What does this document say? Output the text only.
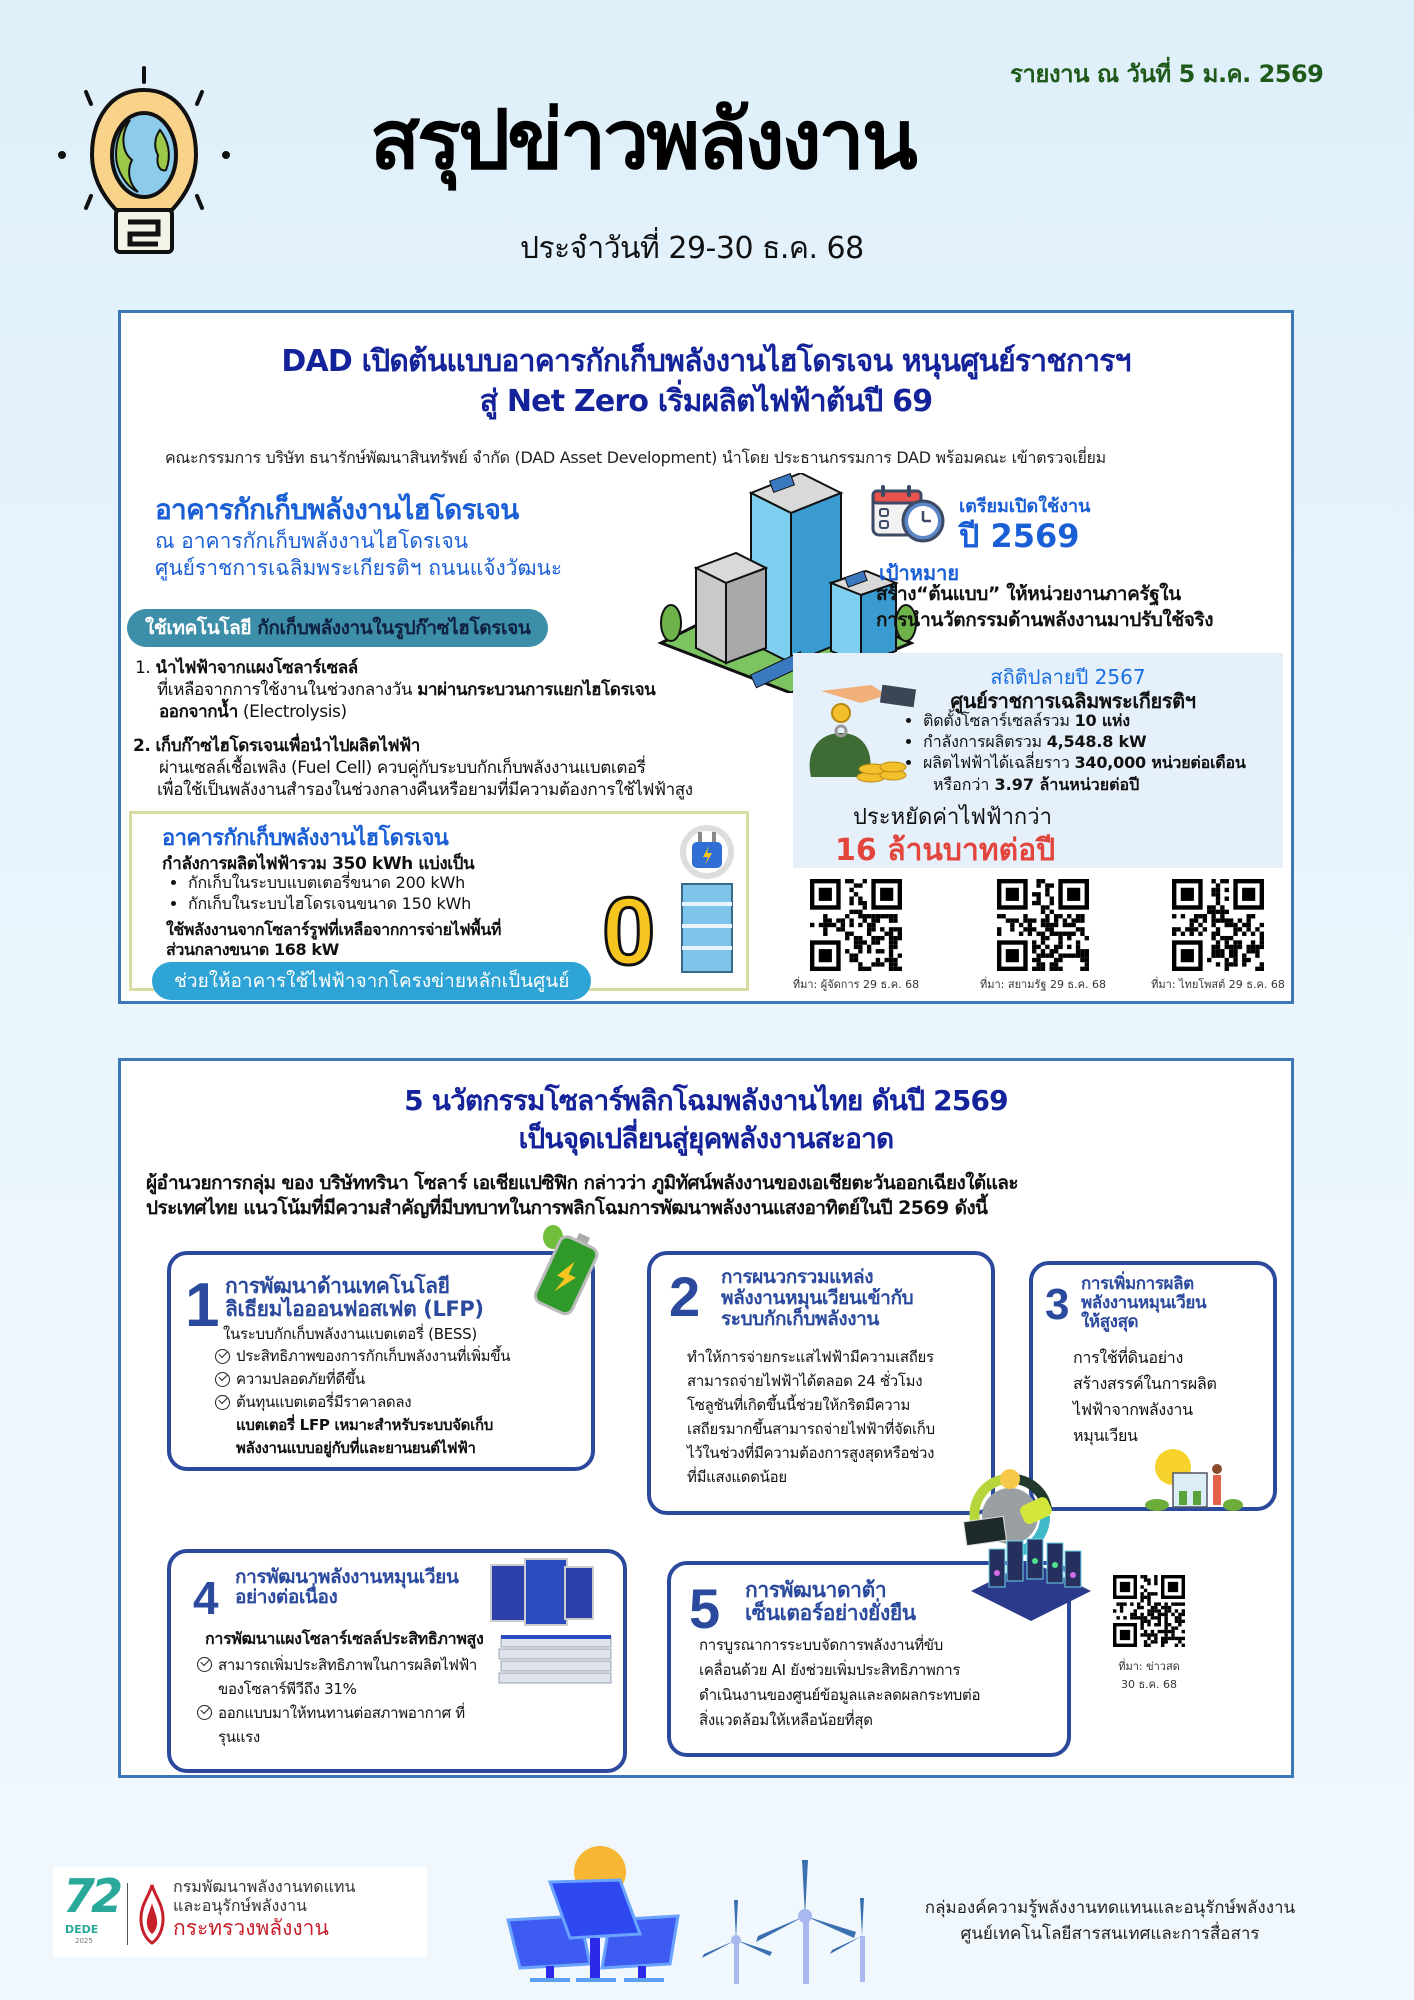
รายงาน ณ วันที่ 5 ม.ค. 2569
สรุปข่าวพลังงาน
ประจำวันที่ 29-30 ธ.ค. 68
DAD เปิดต้นแบบอาคารกักเก็บพลังงานไฮโดรเจน หนุนศูนย์ราชการฯ
สู่ Net Zero เริ่มผลิตไฟฟ้าต้นปี 69
คณะกรรมการ บริษัท ธนารักษ์พัฒนาสินทรัพย์ จำกัด (DAD Asset Development) นำโดย ประธานกรรมการ DAD พร้อมคณะ เข้าตรวจเยี่ยม
อาคารกักเก็บพลังงานไฮโดรเจน
ณ อาคารกักเก็บพลังงานไฮโดรเจน
ศูนย์ราชการเฉลิมพระเกียรติฯ ถนนแจ้งวัฒนะ
ใช้เทคโนโลยี กักเก็บพลังงานในรูปก๊าซไฮโดรเจน
1. นำไฟฟ้าจากแผงโซลาร์เซลล์
ที่เหลือจากการใช้งานในช่วงกลางวัน มาผ่านกระบวนการแยกไฮโดรเจน
ออกจากน้ำ (Electrolysis)
2. เก็บก๊าซไฮโดรเจนเพื่อนำไปผลิตไฟฟ้า
ผ่านเซลล์เชื้อเพลิง (Fuel Cell) ควบคู่กับระบบกักเก็บพลังงานแบตเตอรี่
เพื่อใช้เป็นพลังงานสำรองในช่วงกลางคืนหรือยามที่มีความต้องการใช้ไฟฟ้าสูง
อาคารกักเก็บพลังงานไฮโดรเจน
กำลังการผลิตไฟฟ้ารวม 350 kWh แบ่งเป็น
• กักเก็บในระบบแบตเตอรี่ขนาด 200 kWh
• กักเก็บในระบบไฮโดรเจนขนาด 150 kWh
ใช้พลังงานจากโซลาร์รูฟที่เหลือจากการจ่ายไฟพื้นที่
ส่วนกลางขนาด 168 kW
ช่วยให้อาคารใช้ไฟฟ้าจากโครงข่ายหลักเป็นศูนย์ 0
เตรียมเปิดใช้งาน
ปี 2569
เป้าหมาย
สร้าง“ต้นแบบ” ให้หน่วยงานภาครัฐใน
การนำนวัตกรรมด้านพลังงานมาปรับใช้จริง
สถิติปลายปี 2567
ศูนย์ราชการเฉลิมพระเกียรติฯ
• ติดตั้งโซลาร์เซลล์รวม 10 แห่ง
• กำลังการผลิตรวม 4,548.8 kW
• ผลิตไฟฟ้าได้เฉลี่ยราว 340,000 หน่วยต่อเดือน
หรือกว่า 3.97 ล้านหน่วยต่อปี
ประหยัดค่าไฟฟ้ากว่า
16 ล้านบาทต่อปี
ที่มา: ผู้จัดการ 29 ธ.ค. 68	ที่มา: สยามรัฐ 29 ธ.ค. 68	ที่มา: ไทยโพสต์ 29 ธ.ค. 68
5 นวัตกรรมโซลาร์พลิกโฉมพลังงานไทย ดันปี 2569
เป็นจุดเปลี่ยนสู่ยุคพลังงานสะอาด
ผู้อำนวยการกลุ่ม ของ บริษัททรินา โซลาร์ เอเชียแปซิฟิก กล่าวว่า ภูมิทัศน์พลังงานของเอเชียตะวันออกเฉียงใต้และ
ประเทศไทย แนวโน้มที่มีความสำคัญที่มีบทบาทในการพลิกโฉมการพัฒนาพลังงานแสงอาทิตย์ในปี 2569 ดังนี้
1 การพัฒนาด้านเทคโนโลยี
ลิเธียมไอออนฟอสเฟต (LFP)
ในระบบกักเก็บพลังงานแบตเตอรี่ (BESS)
ประสิทธิภาพของการกักเก็บพลังงานที่เพิ่มขึ้น
ความปลอดภัยที่ดีขึ้น
ต้นทุนแบตเตอรี่มีราคาลดลง
แบตเตอรี่ LFP เหมาะสำหรับระบบจัดเก็บ
พลังงานแบบอยู่กับที่และยานยนต์ไฟฟ้า
2 การผนวกรวมแหล่ง
พลังงานหมุนเวียนเข้ากับ
ระบบกักเก็บพลังงาน
ทำให้การจ่ายกระแสไฟฟ้ามีความเสถียร
สามารถจ่ายไฟฟ้าได้ตลอด 24 ชั่วโมง
โซลูชันที่เกิดขึ้นนี้ช่วยให้กริดมีความ
เสถียรมากขึ้นสามารถจ่ายไฟฟ้าที่จัดเก็บ
ไว้ในช่วงที่มีความต้องการสูงสุดหรือช่วง
ที่มีแสงแดดน้อย
3 การเพิ่มการผลิต
พลังงานหมุนเวียน
ให้สูงสุด
การใช้ที่ดินอย่าง
สร้างสรรค์ในการผลิต
ไฟฟ้าจากพลังงาน
หมุนเวียน
4 การพัฒนาพลังงานหมุนเวียน
อย่างต่อเนื่อง
การพัฒนาแผงโซลาร์เซลล์ประสิทธิภาพสูง
สามารถเพิ่มประสิทธิภาพในการผลิตไฟฟ้า ของโซลาร์พีวีถึง 31%
ออกแบบมาให้ทนทานต่อสภาพอากาศ ที่รุนแรง
5 การพัฒนาดาต้า
เซ็นเตอร์อย่างยั่งยืน
การบูรณาการระบบจัดการพลังงานที่ขับ
เคลื่อนด้วย AI ยังช่วยเพิ่มประสิทธิภาพการ
ดำเนินงานของศูนย์ข้อมูลและลดผลกระทบต่อ
สิ่งแวดล้อมให้เหลือน้อยที่สุด
ที่มา: ข่าวสด
30 ธ.ค. 68
72
DEDE
2025
กรมพัฒนาพลังงานทดแทน
และอนุรักษ์พลังงาน
กระทรวงพลังงาน
กลุ่มองค์ความรู้พลังงานทดแทนและอนุรักษ์พลังงาน
ศูนย์เทคโนโลยีสารสนเทศและการสื่อสาร
